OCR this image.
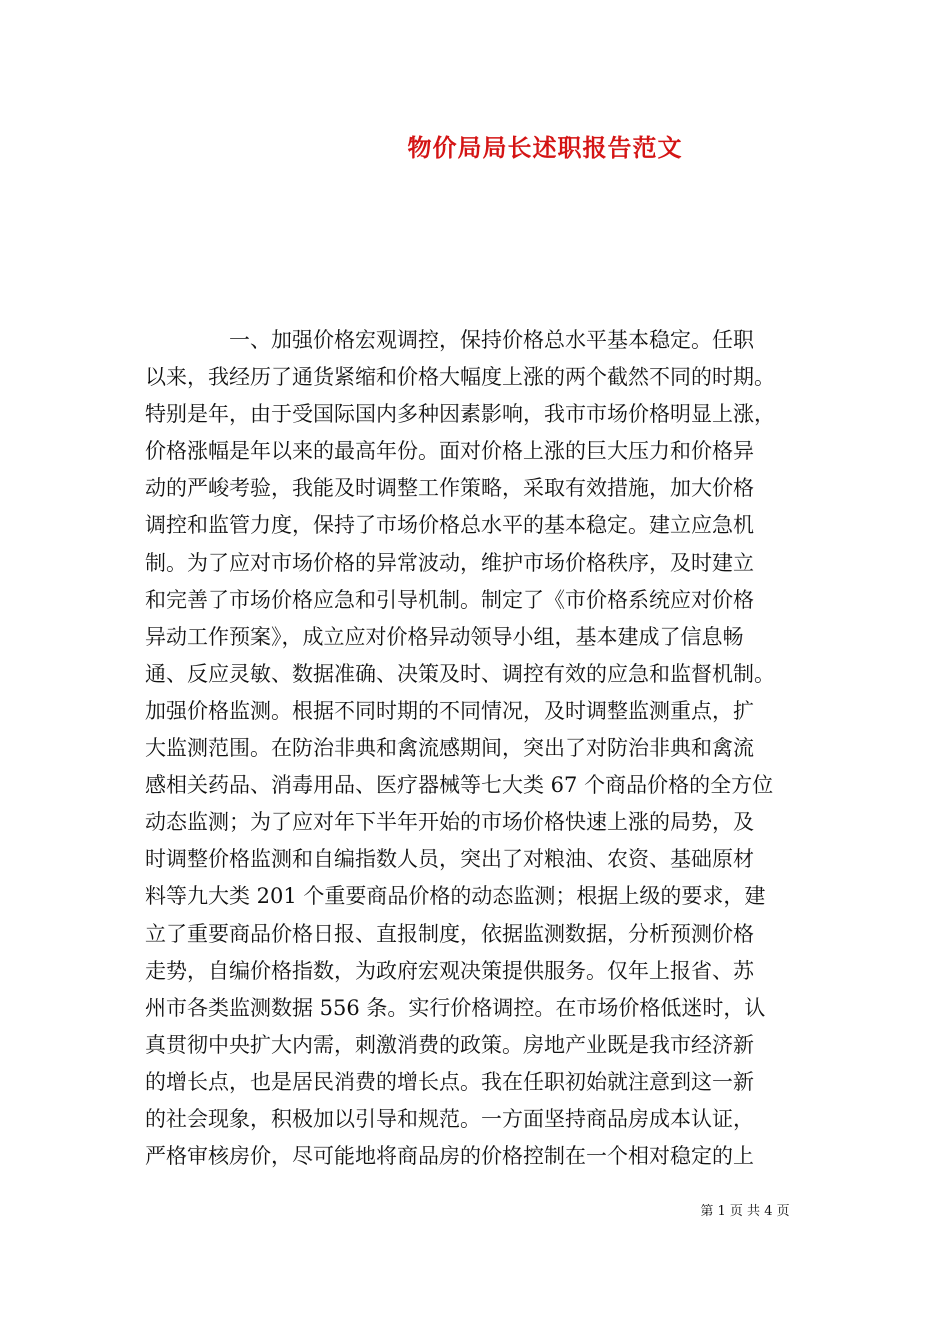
物价局局长述职报告范文
一、加强价格宏观调控，保持价格总水平基本稳定。任职
以来，我经历了通货紧缩和价格大幅度上涨的两个截然不同的时期。
特别是年，由于受国际国内多种因素影响，我市市场价格明显上涨，
价格涨幅是年以来的最高年份。面对价格上涨的巨大压力和价格异
动的严峻考验，我能及时调整工作策略，采取有效措施，加大价格
调控和监管力度，保持了市场价格总水平的基本稳定。建立应急机
制。为了应对市场价格的异常波动，维护市场价格秩序，及时建立
和完善了市场价格应急和引导机制。制定了《市价格系统应对价格
异动工作预案》，成立应对价格异动领导小组，基本建成了信息畅
通、反应灵敏、数据准确、决策及时、调控有效的应急和监督机制。
加强价格监测。根据不同时期的不同情况，及时调整监测重点，扩
大监测范围。在防治非典和禽流感期间，突出了对防治非典和禽流
感相关药品、消毒用品、医疗器械等七大类 67 个商品价格的全方位
动态监测；为了应对年下半年开始的市场价格快速上涨的局势，及
时调整价格监测和自编指数人员，突出了对粮油、农资、基础原材
料等九大类 201 个重要商品价格的动态监测；根据上级的要求，建
立了重要商品价格日报、直报制度，依据监测数据，分析预测价格
走势，自编价格指数，为政府宏观决策提供服务。仅年上报省、苏
州市各类监测数据 556 条。实行价格调控。在市场价格低迷时，认
真贯彻中央扩大内需，刺激消费的政策。房地产业既是我市经济新
的增长点，也是居民消费的增长点。我在任职初始就注意到这一新
的社会现象，积极加以引导和规范。一方面坚持商品房成本认证，
严格审核房价，尽可能地将商品房的价格控制在一个相对稳定的上
第 1 页 共 4 页
